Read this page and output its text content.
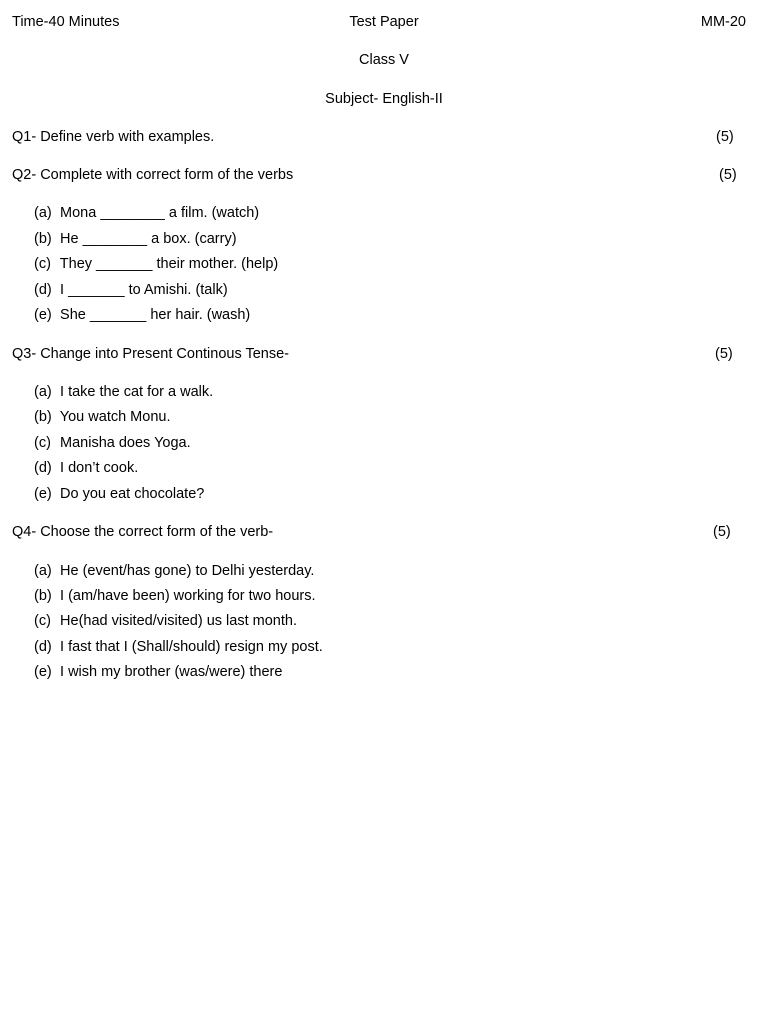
Time-40 Minutes	Test Paper	MM-20
Class V
Subject- English-II
Q1- Define verb with examples.	(5)
Q2- Complete with correct form of the verbs	(5)
(a) Mona ________ a film. (watch)
(b) He ________ a box. (carry)
(c) They _______ their mother. (help)
(d) I _______ to Amishi. (talk)
(e) She _______ her hair. (wash)
Q3- Change into Present Continous Tense-	(5)
(a) I take the cat for a walk.
(b) You watch Monu.
(c) Manisha does Yoga.
(d) I don’t cook.
(e) Do you eat chocolate?
Q4- Choose the correct form of the verb-	(5)
(a) He (event/has gone) to Delhi yesterday.
(b) I (am/have been) working for two hours.
(c) He(had visited/visited) us last month.
(d) I fast that I (Shall/should) resign my post.
(e) I wish my brother (was/were) there
